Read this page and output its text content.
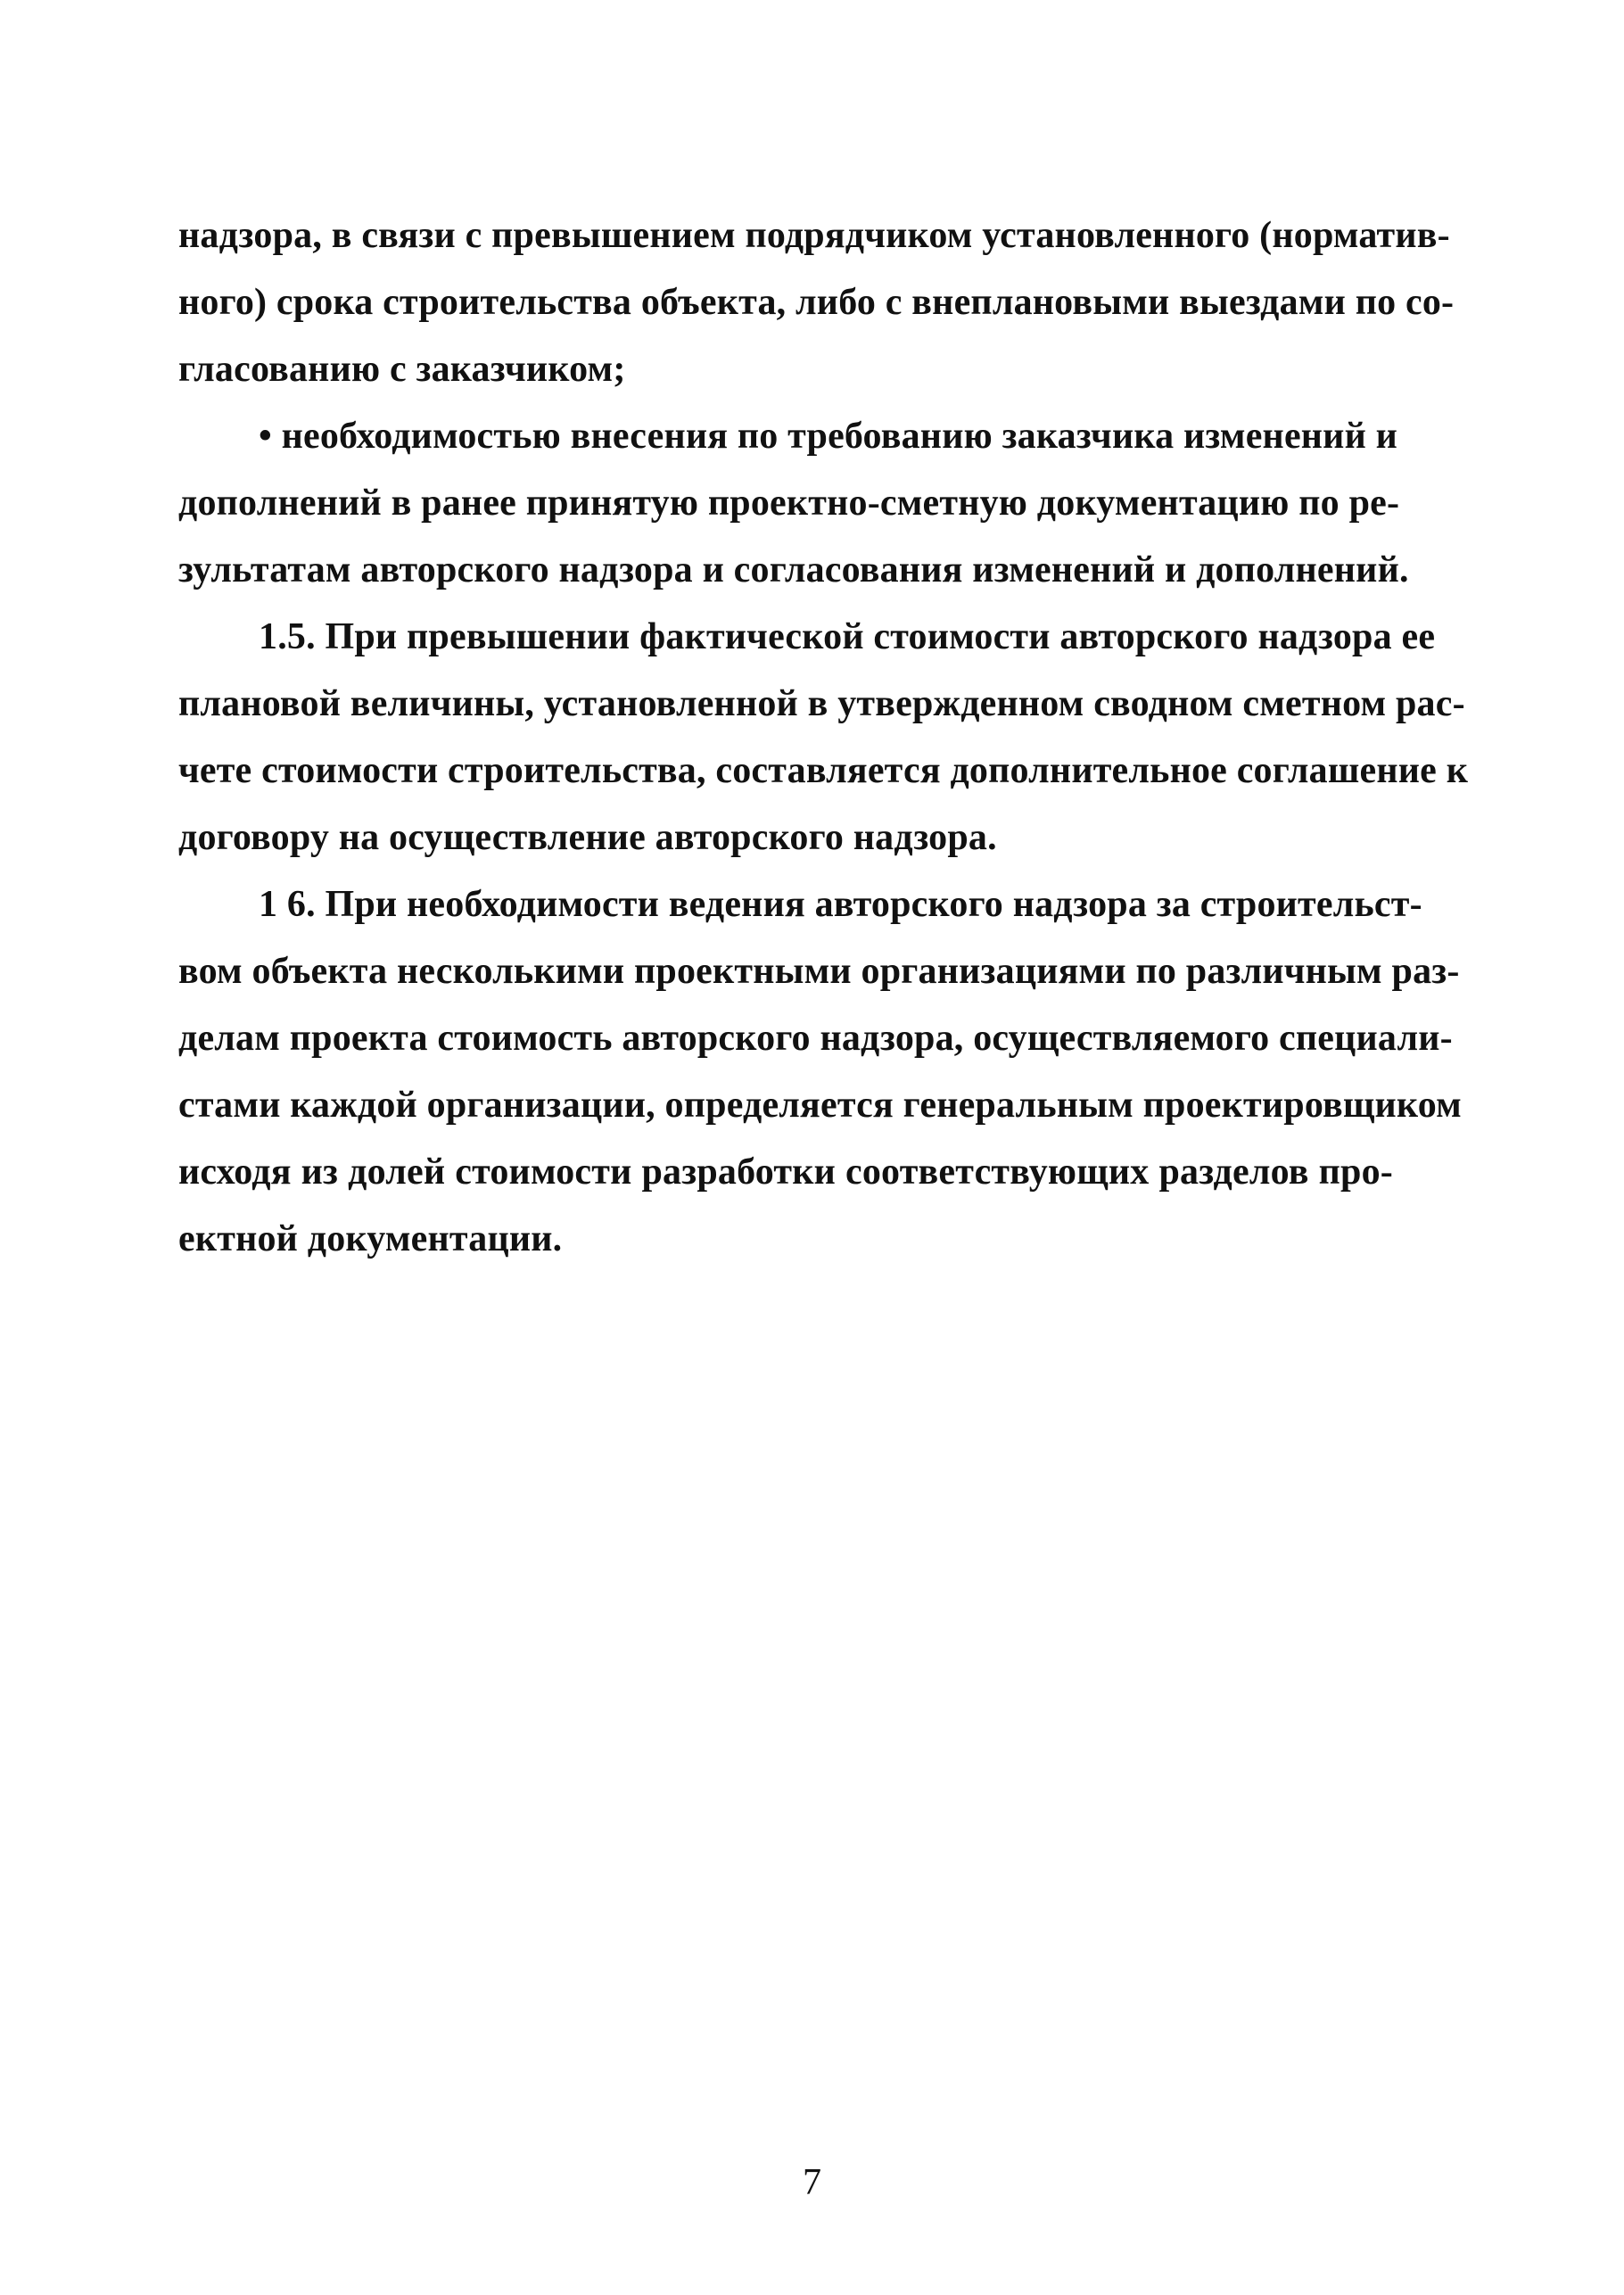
надзора, в связи с превышением подрядчиком установленного (норматив-
ного) срока строительства объекта, либо с внеплановыми выездами по со-
гласованию с заказчиком;
• необходимостью внесения по требованию заказчика изменений и
дополнений в ранее принятую проектно-сметную документацию по ре-
зультатам авторского надзора и согласования изменений и дополнений.
1.5. При превышении фактической стоимости авторского надзора ее
плановой величины, установленной в утвержденном сводном сметном рас-
чете стоимости строительства, составляется дополнительное соглашение к
договору на осуществление авторского надзора.
1 6. При необходимости ведения авторского надзора за строительст-
вом объекта несколькими проектными организациями по различным раз-
делам проекта стоимость авторского надзора, осуществляемого специали-
стами каждой организации, определяется генеральным проектировщиком
исходя из долей стоимости разработки соответствующих разделов про-
ектной документации.
7
